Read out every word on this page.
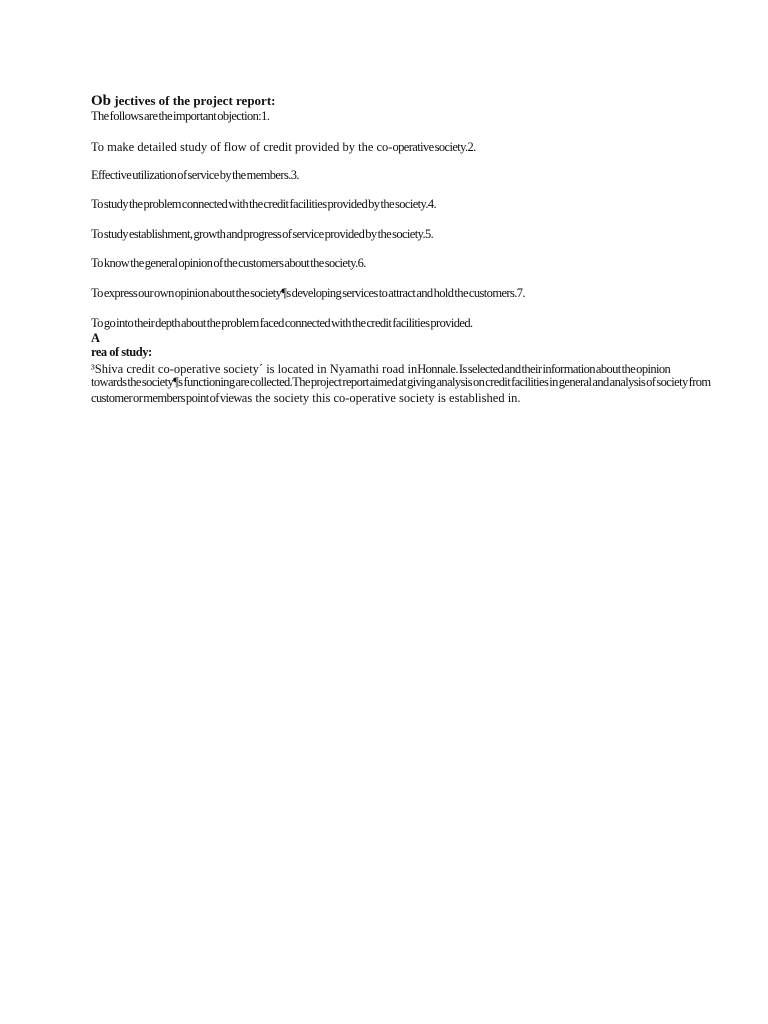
Ob jectives of the project report:
The follows are the important objection:1.
To make detailed study of flow of credit provided by the co-operative society.2.
Effective utilization of service by the members.3.
To study the problem connected with the credit facilities provided by the society.4.
To study establishment, growth and progress of service provided by the society.5.
To know the general opinion of the customers about the society.6.
To express our own opinion about the society¶s developing services to attract and hold the customers.7.
To go into their depth about the problem faced connected with the credit facilities provided.
A
rea of study:
³Shiva credit co-operative society´ is located in Nyamathi road inHonnale. Is selected and their information about the opinion
towards the society¶s functioning are collected.The project report aimed at giving analysis on credit facilities in general and analysis of society from
customer or members point of viewas the society this co-operative society is established in.
